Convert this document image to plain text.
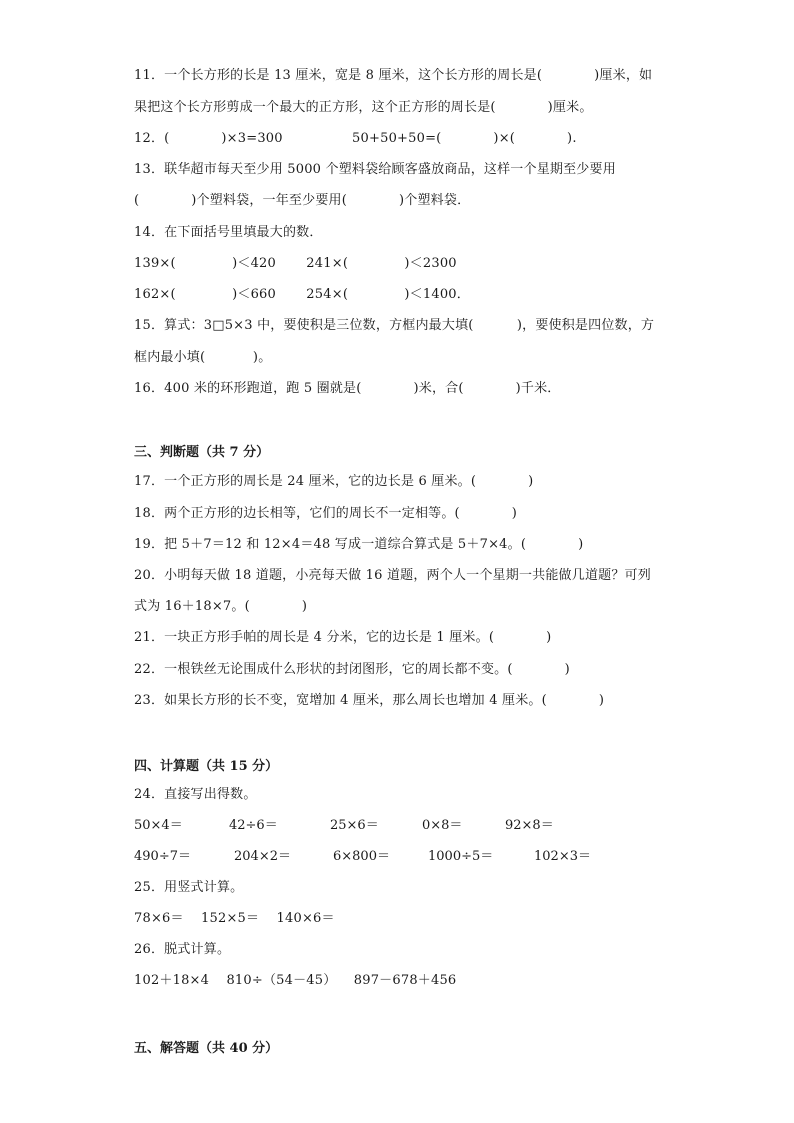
11．一个长方形的长是 13 厘米，宽是 8 厘米，这个长方形的周长是(            )厘米，如
果把这个长方形剪成一个最大的正方形，这个正方形的周长是(            )厘米。
12．(            )×3=300                50+50+50=(            )×(            ).
13．联华超市每天至少用 5000 个塑料袋给顾客盛放商品，这样一个星期至少要用
(            )个塑料袋，一年至少要用(            )个塑料袋．
14．在下面括号里填最大的数．
139×(             )＜420       241×(             )＜2300
162×(             )＜660       254×(             )＜1400．
15．算式：3□5×3 中，要使积是三位数，方框内最大填(          )，要使积是四位数，方
框内最小填(           )。
16．400 米的环形跑道，跑 5 圈就是(            )米，合(            )千米．
三、判断题（共 7 分）
17．一个正方形的周长是 24 厘米，它的边长是 6 厘米。(            )
18．两个正方形的边长相等，它们的周长不一定相等。(            )
19．把 5＋7＝12 和 12×4＝48 写成一道综合算式是 5＋7×4。(            )
20．小明每天做 18 道题，小亮每天做 16 道题，两个人一个星期一共能做几道题？可列
式为 16＋18×7。(            )
21．一块正方形手帕的周长是 4 分米，它的边长是 1 厘米。(            )
22．一根铁丝无论围成什么形状的封闭图形，它的周长都不变。(            )
23．如果长方形的长不变，宽增加 4 厘米，那么周长也增加 4 厘米。(            )
四、计算题（共 15 分）
24．直接写出得数。
50×4＝	42÷6＝	25×6＝	0×8＝	92×8＝
490÷7＝	204×2＝	6×800＝	1000÷5＝	102×3＝
25．用竖式计算。
78×6＝    152×5＝    140×6＝
26．脱式计算。
102＋18×4    810÷（54－45）    897－678＋456
五、解答题（共 40 分）
